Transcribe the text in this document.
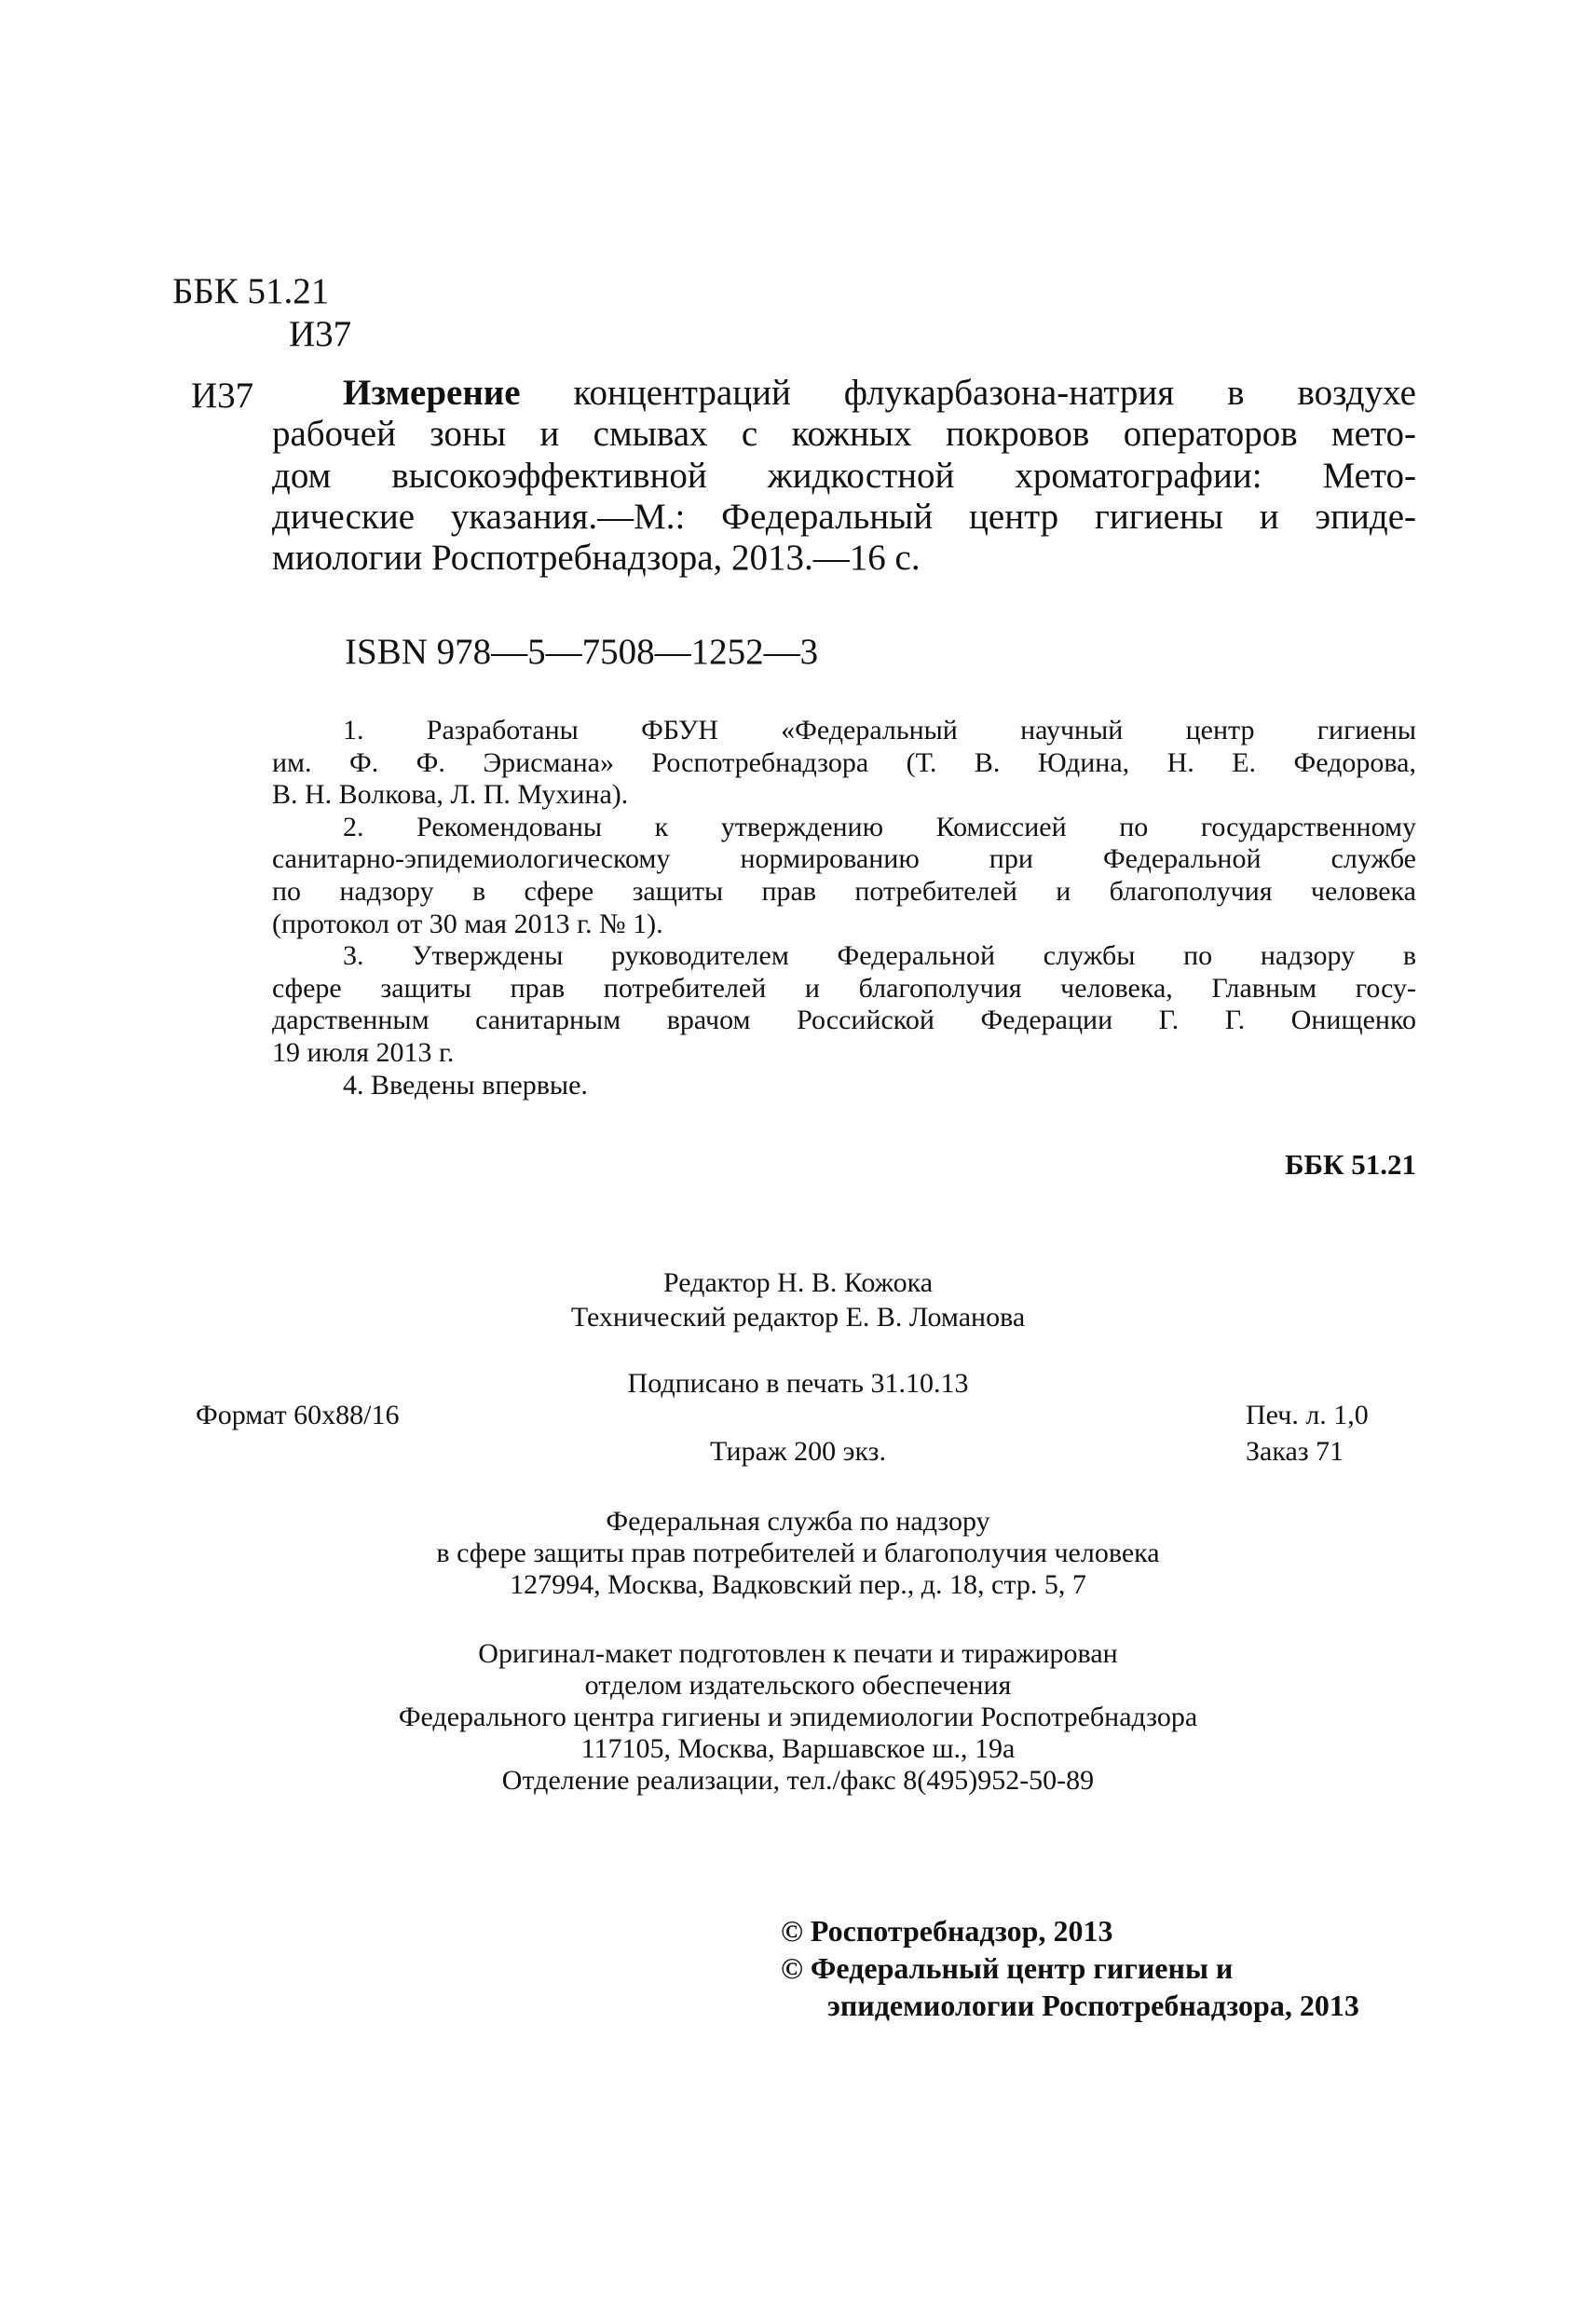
ББК 51.21
И37
И37	Измерение концентраций флукарбазона-натрия в воздухе
рабочей зоны и смывах с кожных покровов операторов мето-
дом высокоэффективной жидкостной хроматографии: Мето-
дические указания.—М.: Федеральный центр гигиены и эпиде-
миологии Роспотребнадзора, 2013.—16 с.
ISBN 978—5—7508—1252—3
1. Разработаны ФБУН «Федеральный научный центр гигиены
им. Ф. Ф. Эрисмана» Роспотребнадзора (Т. В. Юдина, Н. Е. Федорова,
В. Н. Волкова, Л. П. Мухина).
2. Рекомендованы к утверждению Комиссией по государственному
санитарно-эпидемиологическому нормированию при Федеральной службе
по надзору в сфере защиты прав потребителей и благополучия человека
(протокол от 30 мая 2013 г. № 1).
3. Утверждены руководителем Федеральной службы по надзору в
сфере защиты прав потребителей и благополучия человека, Главным госу-
дарственным санитарным врачом Российской Федерации Г. Г. Онищенко
19 июля 2013 г.
4. Введены впервые.
ББК 51.21
Редактор Н. В. Кожока
Технический редактор Е. В. Ломанова
Подписано в печать 31.10.13
Формат 60x88/16	Печ. л. 1,0
Тираж 200 экз.	Заказ 71
Федеральная служба по надзору
в сфере защиты прав потребителей и благополучия человека
127994, Москва, Вадковский пер., д. 18, стр. 5, 7
Оригинал-макет подготовлен к печати и тиражирован
отделом издательского обеспечения
Федерального центра гигиены и эпидемиологии Роспотребнадзора
117105, Москва, Варшавское ш., 19а
Отделение реализации, тел./факс 8(495)952-50-89
© Роспотребнадзор, 2013
© Федеральный центр гигиены и
эпидемиологии Роспотребнадзора, 2013
